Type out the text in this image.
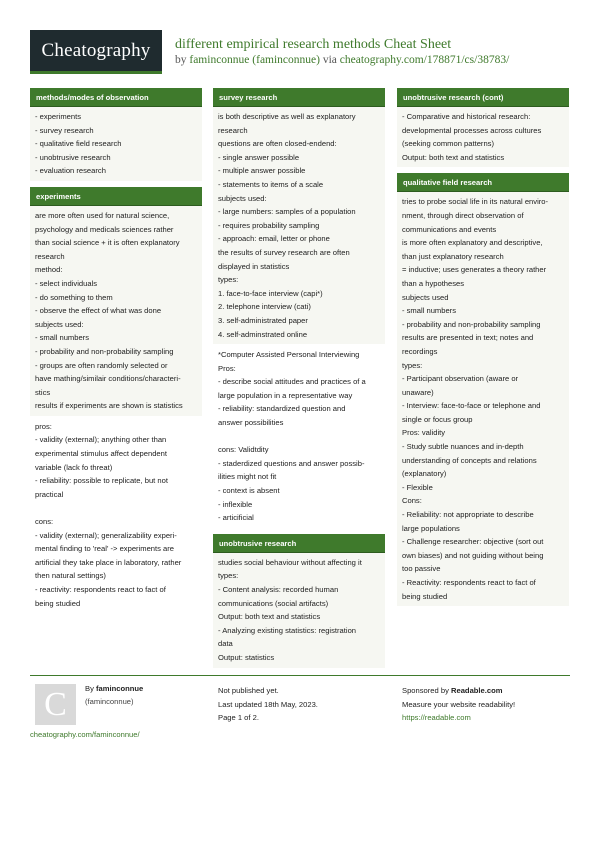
Cheatography different empirical research methods Cheat Sheet
by faminconnue (faminconnue) via cheatography.com/178871/cs/38783/
methods/modes of observation
- experiments
- survey research
- qualitative field research
- unobtrusive research
- evaluation research
experiments
are more often used for natural science,
psychology and medicals sciences rather
than social science + it is often explanatory
research
method:
- select individuals
- do something to them
- observe the effect of what was done
subjects used:
- small numbers
- probability and non-probability sampling
- groups are often randomly selected or
have mathing/similair conditions/characteri-
stics
results if experiments are shown is statistics
pros:
- validity (external); anything other than
experimental stimulus affect dependent
variable (lack fo threat)
- reliability: possible to replicate, but not
practical

cons:
- validity (external); generalizability experi-
mental finding to 'real' -> experiments are
artificial they take place in laboratory, rather
then natural settings)
- reactivity: respondents react to fact of
being studied
survey research
is both descriptive as well as explanatory
research
questions are often closed-endend:
- single answer possible
- multiple answer possible
- statements to items of a scale
subjects used:
- large numbers: samples of a population
- requires probability sampling
- approach: email, letter or phone
the results of survey research are often
displayed in statistics
types:
1. face-to-face interview (capi*)
2. telephone interview (cati)
3. self-administrated paper
4. self-adminstrated online
*Computer Assisted Personal Interviewing
Pros:
- describe social attitudes and practices of a
large population in a representative way
- reliability: standardized question and
answer possibilities

cons: Validtdity
- staderdized questions and answer possib-
ilities might not fit
- context is absent
- inflexible
- articificial
unobtrusive research
studies social behaviour without affecting it
types:
- Content analysis: recorded human
communications (social artifacts)
Output: both text and statistics
- Analyzing existing statistics: registration
data
Output: statistics
unobtrusive research (cont)
- Comparative and historical research:
developmental processes across cultures
(seeking common patterns)
Output: both text and statistics
qualitative field research
tries to probe social life in its natural enviro-
nment, through direct observation of
communications and events
is more often explanatory and descriptive,
than just explanatory research
= inductive; uses generates a theory rather
than a hypotheses
subjects used
- small numbers
- probability and non-probability sampling
results are presented in text; notes and
recordings
types:
- Participant observation (aware or
unaware)
- Interview: face-to-face or telephone and
single or focus group
Pros: validity
- Study subtle nuances and in-depth
understanding of concepts and relations
(explanatory)
- Flexible
Cons:
- Reliability: not appropriate to describe
large populations
- Challenge researcher: objective (sort out
own biases) and not guiding without being
too passive
- Reactivity: respondents react to fact of
being studied
C	By faminconnue
(faminconnue)
Not published yet.
Last updated 18th May, 2023.
Page 1 of 2.
Sponsored by Readable.com
Measure your website readability!
https://readable.com
cheatography.com/faminconnue/
